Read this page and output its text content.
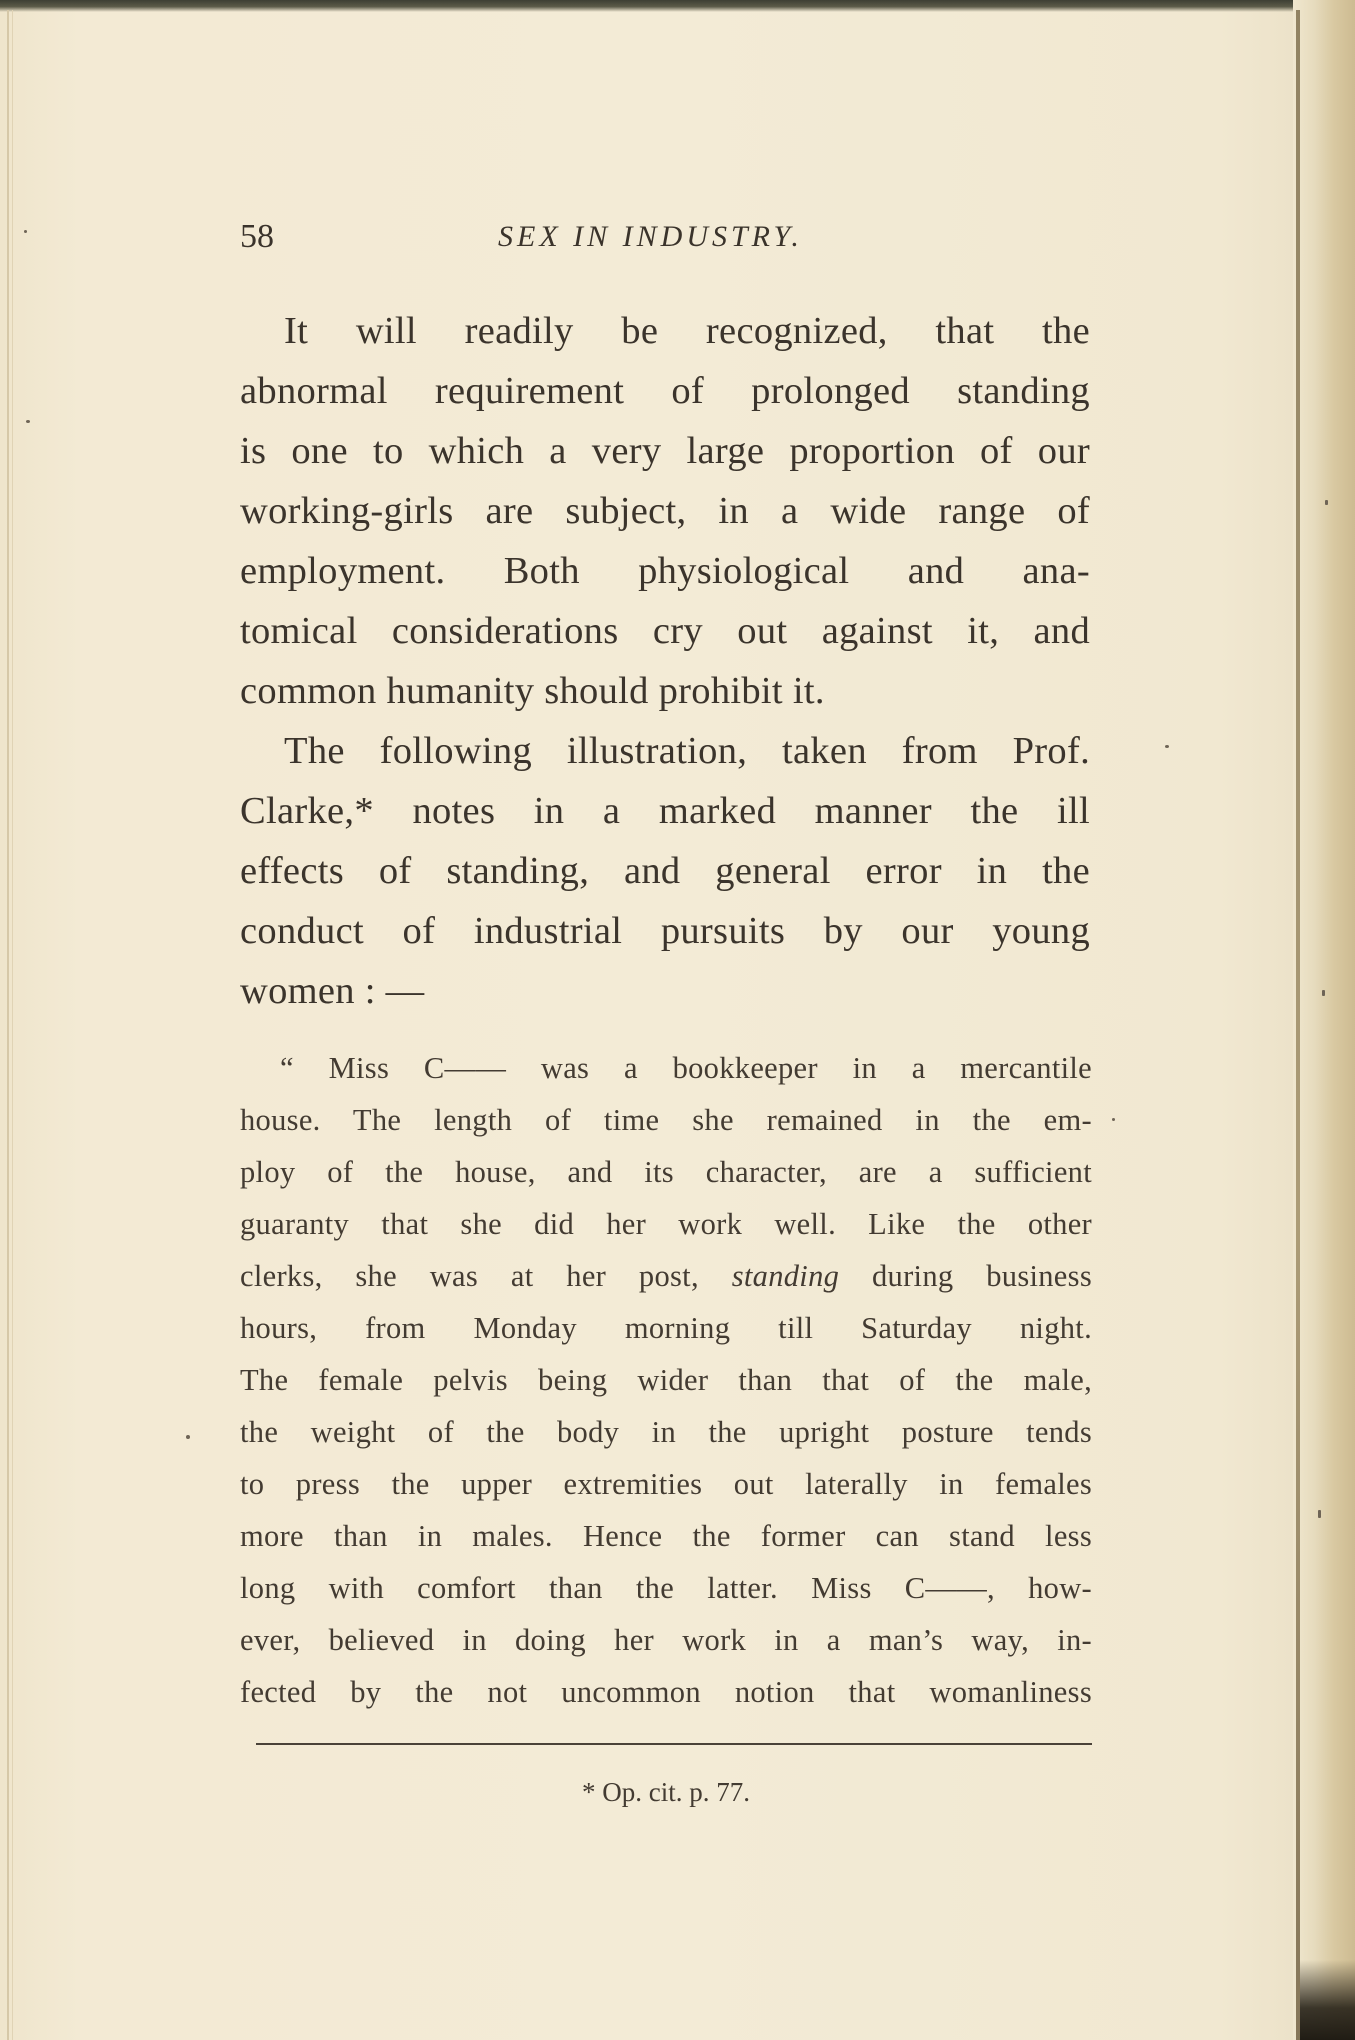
58	SEX IN INDUSTRY.
It will readily be recognized, that the
abnormal requirement of prolonged standing
is one to which a very large proportion of our
working-girls are subject, in a wide range of
employment. Both physiological and ana-
tomical considerations cry out against it, and
common humanity should prohibit it.
The following illustration, taken from Prof.
Clarke,* notes in a marked manner the ill
effects of standing, and general error in the
conduct of industrial pursuits by our young
women : —
“ Miss C—— was a bookkeeper in a mercantile
house. The length of time she remained in the em-
ploy of the house, and its character, are a sufficient
guaranty that she did her work well. Like the other
clerks, she was at her post, standing during business
hours, from Monday morning till Saturday night.
The female pelvis being wider than that of the male,
the weight of the body in the upright posture tends
to press the upper extremities out laterally in females
more than in males. Hence the former can stand less
long with comfort than the latter. Miss C——, how-
ever, believed in doing her work in a man’s way, in-
fected by the not uncommon notion that womanliness
* Op. cit. p. 77.
